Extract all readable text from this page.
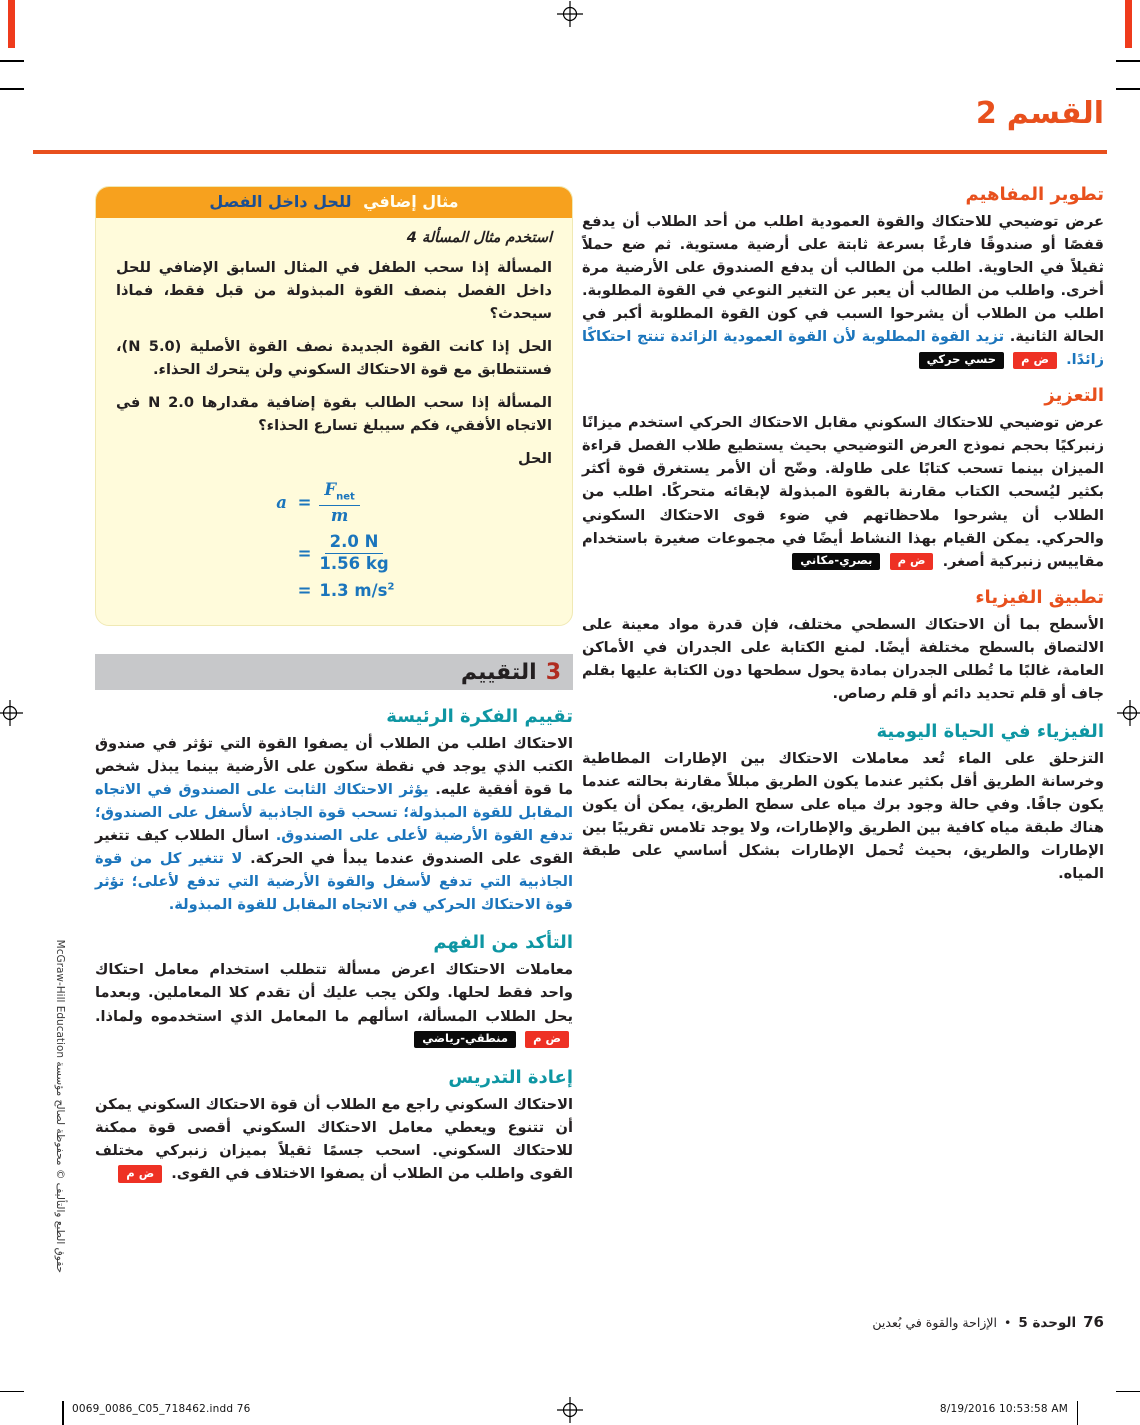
القسم
2
تطوير المفاهيم

عرض توضيحي للاحتكاك والقوة العمودية اطلب من أحد الطلاب أن يدفع قفصًا أو صندوقًا فارغًا بسرعة ثابتة على أرضية مستوية. ثم ضع حملاً ثقيلاً في الحاوية. اطلب من الطالب أن يدفع الصندوق على الأرضية مرة أخرى. واطلب من الطالب أن يعبر عن التغير النوعي في القوة المطلوبة. اطلب من الطلاب أن يشرحوا السبب في كون القوة المطلوبة أكبر في الحالة الثانية. تزيد القوة المطلوبة لأن القوة العمودية الزائدة تنتج احتكاكًا زائدًا. ض م حسي حركي

التعزيز

عرض توضيحي للاحتكاك السكوني مقابل الاحتكاك الحركي استخدم ميزانًا زنبركيًا بحجم نموذج العرض التوضيحي بحيث يستطيع طلاب الفصل قراءة الميزان بينما تسحب كتابًا على طاولة. وضّح أن الأمر يستغرق قوة أكثر بكثير ليُسحب الكتاب مقارنة بالقوة المبذولة لإبقائه متحركًا. اطلب من الطلاب أن يشرحوا ملاحظاتهم في ضوء قوى الاحتكاك السكوني والحركي. يمكن القيام بهذا النشاط أيضًا في مجموعات صغيرة باستخدام مقاييس زنبركية أصغر. ض م بصري-مكاني

تطبيق الفيزياء

الأسطح بما أن الاحتكاك السطحي مختلف، فإن قدرة مواد معينة على الالتصاق بالسطح مختلفة أيضًا. لمنع الكتابة على الجدران في الأماكن العامة، غالبًا ما تُطلى الجدران بمادة يحول سطحها دون الكتابة عليها بقلم جاف أو قلم تحديد دائم أو قلم رصاص.

الفيزياء في الحياة اليومية

التزحلق على الماء تُعد معاملات الاحتكاك بين الإطارات المطاطية وخرسانة الطريق أقل بكثير عندما يكون الطريق مبللاً مقارنة بحالته عندما يكون جافًا. وفي حالة وجود برك مياه على سطح الطريق، يمكن أن يكون هناك طبقة مياه كافية بين الطريق والإطارات، ولا يوجد تلامس تقريبًا بين الإطارات والطريق، بحيث تُحمل الإطارات بشكل أساسي على طبقة المياه.

مثال إضافي للحل داخل الفصل

استخدم مثال المسألة 4

المسألة إذا سحب الطفل في المثال السابق الإضافي للحل داخل الفصل بنصف القوة المبذولة من قبل فقط، فماذا سيحدث؟

الحل إذا كانت القوة الجديدة نصف القوة الأصلية (5.0 N)، فستتطابق مع قوة الاحتكاك السكوني ولن يتحرك الحذاء.

المسألة إذا سحب الطالب بقوة إضافية مقدارها 2.0 N في الاتجاه الأفقي، فكم سيبلغ تسارع الحذاء؟

الحل

$a = \frac{F_{net}}{m}$
= $\frac{2.0 N}{1.56 kg}$
= 1.3 $m/s^2$
3
التقييم
تقييم الفكرة الرئيسة

الاحتكاك اطلب من الطلاب أن يصفوا القوة التي تؤثر في صندوق الكتب الذي يوجد في نقطة سكون على الأرضية بينما يبذل شخص ما قوة أفقية عليه. يؤثر الاحتكاك الثابت على الصندوق في الاتجاه المقابل للقوة المبذولة؛ تسحب قوة الجاذبية لأسفل على الصندوق؛ تدفع القوة الأرضية لأعلى على الصندوق. اسأل الطلاب كيف تتغير القوى على الصندوق عندما يبدأ في الحركة. لا تتغير كل من قوة الجاذبية التي تدفع لأسفل والقوة الأرضية التي تدفع لأعلى؛ تؤثر قوة الاحتكاك الحركي في الاتجاه المقابل للقوة المبذولة.

التأكد من الفهم

معاملات الاحتكاك اعرض مسألة تتطلب استخدام معامل احتكاك واحد فقط لحلها. ولكن يجب عليك أن تقدم كلا المعاملين. وبعدما يحل الطلاب المسألة، اسألهم ما المعامل الذي استخدموه ولماذا. ض م منطقي-رياضي

إعادة التدريس

الاحتكاك السكوني راجع مع الطلاب أن قوة الاحتكاك السكوني يمكن أن تتنوع ويعطي معامل الاحتكاك السكوني أقصى قوة ممكنة للاحتكاك السكوني. اسحب جسمًا ثقيلاً بميزان زنبركي مختلف القوى واطلب من الطلاب أن يصفوا الاختلاف في القوى. ض م

حقوق الطبع والتأليف © محفوظة لصالح مؤسسة McGraw-Hill Education
76
الوحدة 5
•
الإزاحة والقوة في بُعدين
0069_0086_C05_718462.indd 76	8/19/2016 10:53:58 AM
